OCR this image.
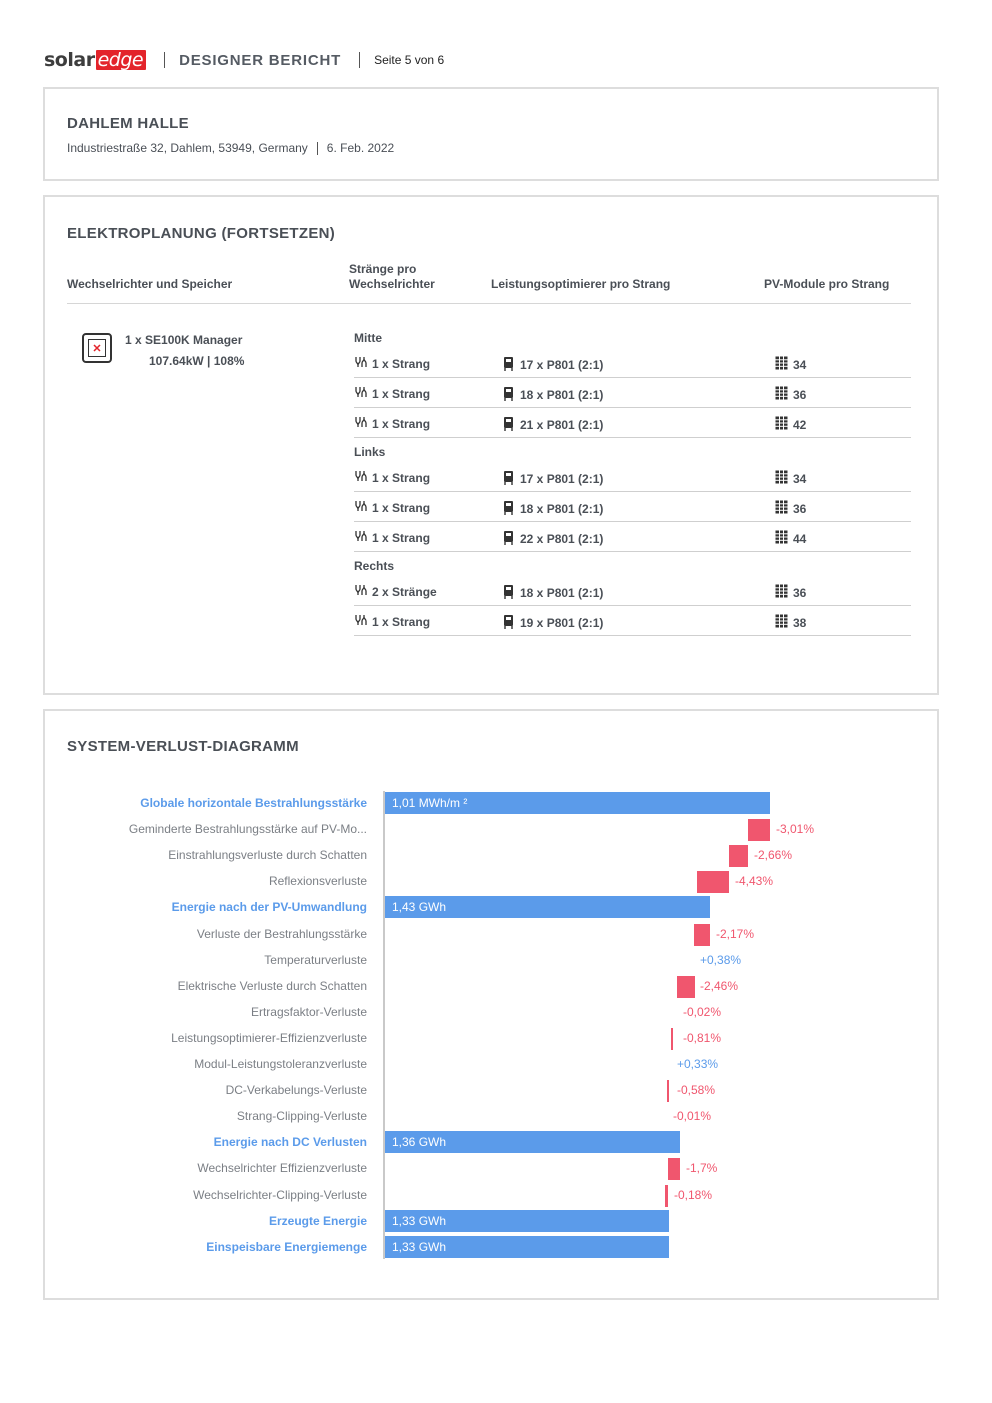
solar edge DESIGNER BERICHT	Seite 5 von 6
DAHLEM HALLE
Industriestraße 32, Dahlem, 53949, Germany 6. Feb. 2022
ELEKTROPLANUNG (FORTSETZEN)
Wechselrichter und Speicher
Stränge pro
Wechselrichter	Leistungsoptimierer pro Strang	PV-Module pro Strang
✕
1 x SE100K Manager
107.64kW | 108%
Mitte
1 x Strang	17 x P801 (2:1)	34
1 x Strang	18 x P801 (2:1)	36
1 x Strang	21 x P801 (2:1)	42
Links
1 x Strang	17 x P801 (2:1)	34
1 x Strang	18 x P801 (2:1)	36
1 x Strang	22 x P801 (2:1)	44
Rechts
2 x Stränge	18 x P801 (2:1)	36
1 x Strang	19 x P801 (2:1)	38
SYSTEM-VERLUST-DIAGRAMM
Globale horizontale Bestrahlungsstärke 1,01 MWh/m ²
Geminderte Bestrahlungsstärke auf PV-Mo...	-3,01%
Einstrahlungsverluste durch Schatten	-2,66%
Reflexionsverluste	-4,43%
Energie nach der PV-Umwandlung 1,43 GWh
Verluste der Bestrahlungsstärke	-2,17%
Temperaturverluste	+0,38%
Elektrische Verluste durch Schatten	-2,46%
Ertragsfaktor-Verluste	-0,02%
Leistungsoptimierer-Effizienzverluste	-0,81%
Modul-Leistungstoleranzverluste	+0,33%
DC-Verkabelungs-Verluste	-0,58%
Strang-Clipping-Verluste	-0,01%
Energie nach DC Verlusten 1,36 GWh
Wechselrichter Effizienzverluste	-1,7%
Wechselrichter-Clipping-Verluste	-0,18%
Erzeugte Energie 1,33 GWh
Einspeisbare Energiemenge 1,33 GWh
